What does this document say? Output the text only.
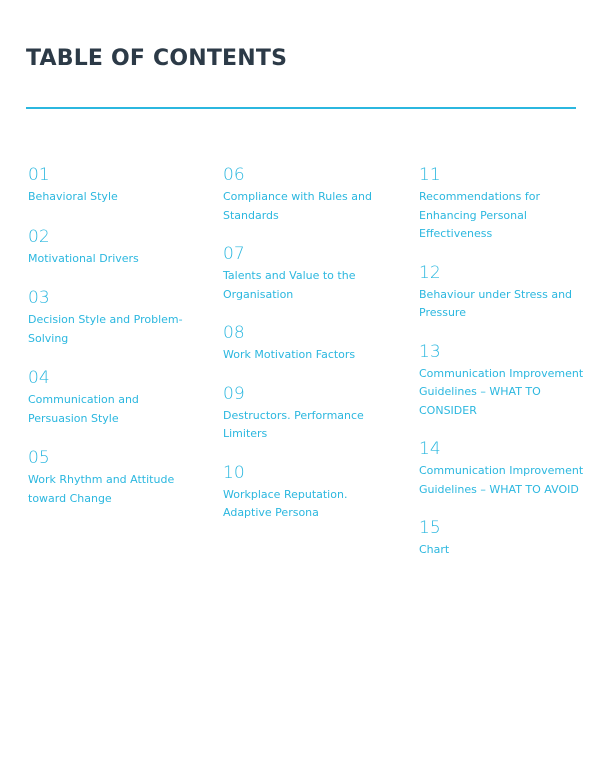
TABLE OF CONTENTS
01
Behavioral Style
02
Motivational Drivers
03
Decision Style and Problem-Solving
04
Communication and Persuasion Style
05
Work Rhythm and Attitude toward Change
06
Compliance with Rules and Standards
07
Talents and Value to the Organisation
08
Work Motivation Factors
09
Destructors. Performance Limiters
10
Workplace Reputation. Adaptive Persona
11
Recommendations for Enhancing Personal Effectiveness
12
Behaviour under Stress and Pressure
13
Communication Improvement Guidelines – WHAT TO CONSIDER
14
Communication Improvement Guidelines – WHAT TO AVOID
15
Chart
